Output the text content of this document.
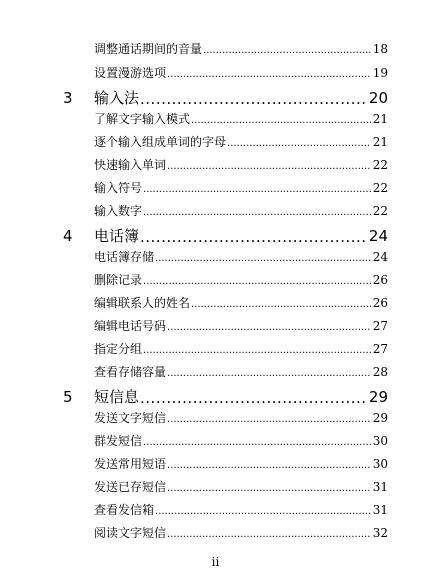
调整通话期间的音量 .....	18
设置漫游选项 .....	19
3	输入法 .....	20
了解文字输入模式 .....	21
逐个输入组成单词的字母 .....	21
快速输入单词 .....	22
输入符号 .....	22
输入数字 .....	22
4	电话簿 .....	24
电话簿存储 .....	24
删除记录 .....	26
编辑联系人的姓名 .....	26
编辑电话号码 .....	27
指定分组 .....	27
查看存储容量 .....	28
5	短信息 .....	29
发送文字短信 .....	29
群发短信 .....	30
发送常用短语 .....	30
发送已存短信 .....	31
查看发信箱 .....	31
阅读文字短信 .....	32
ii
